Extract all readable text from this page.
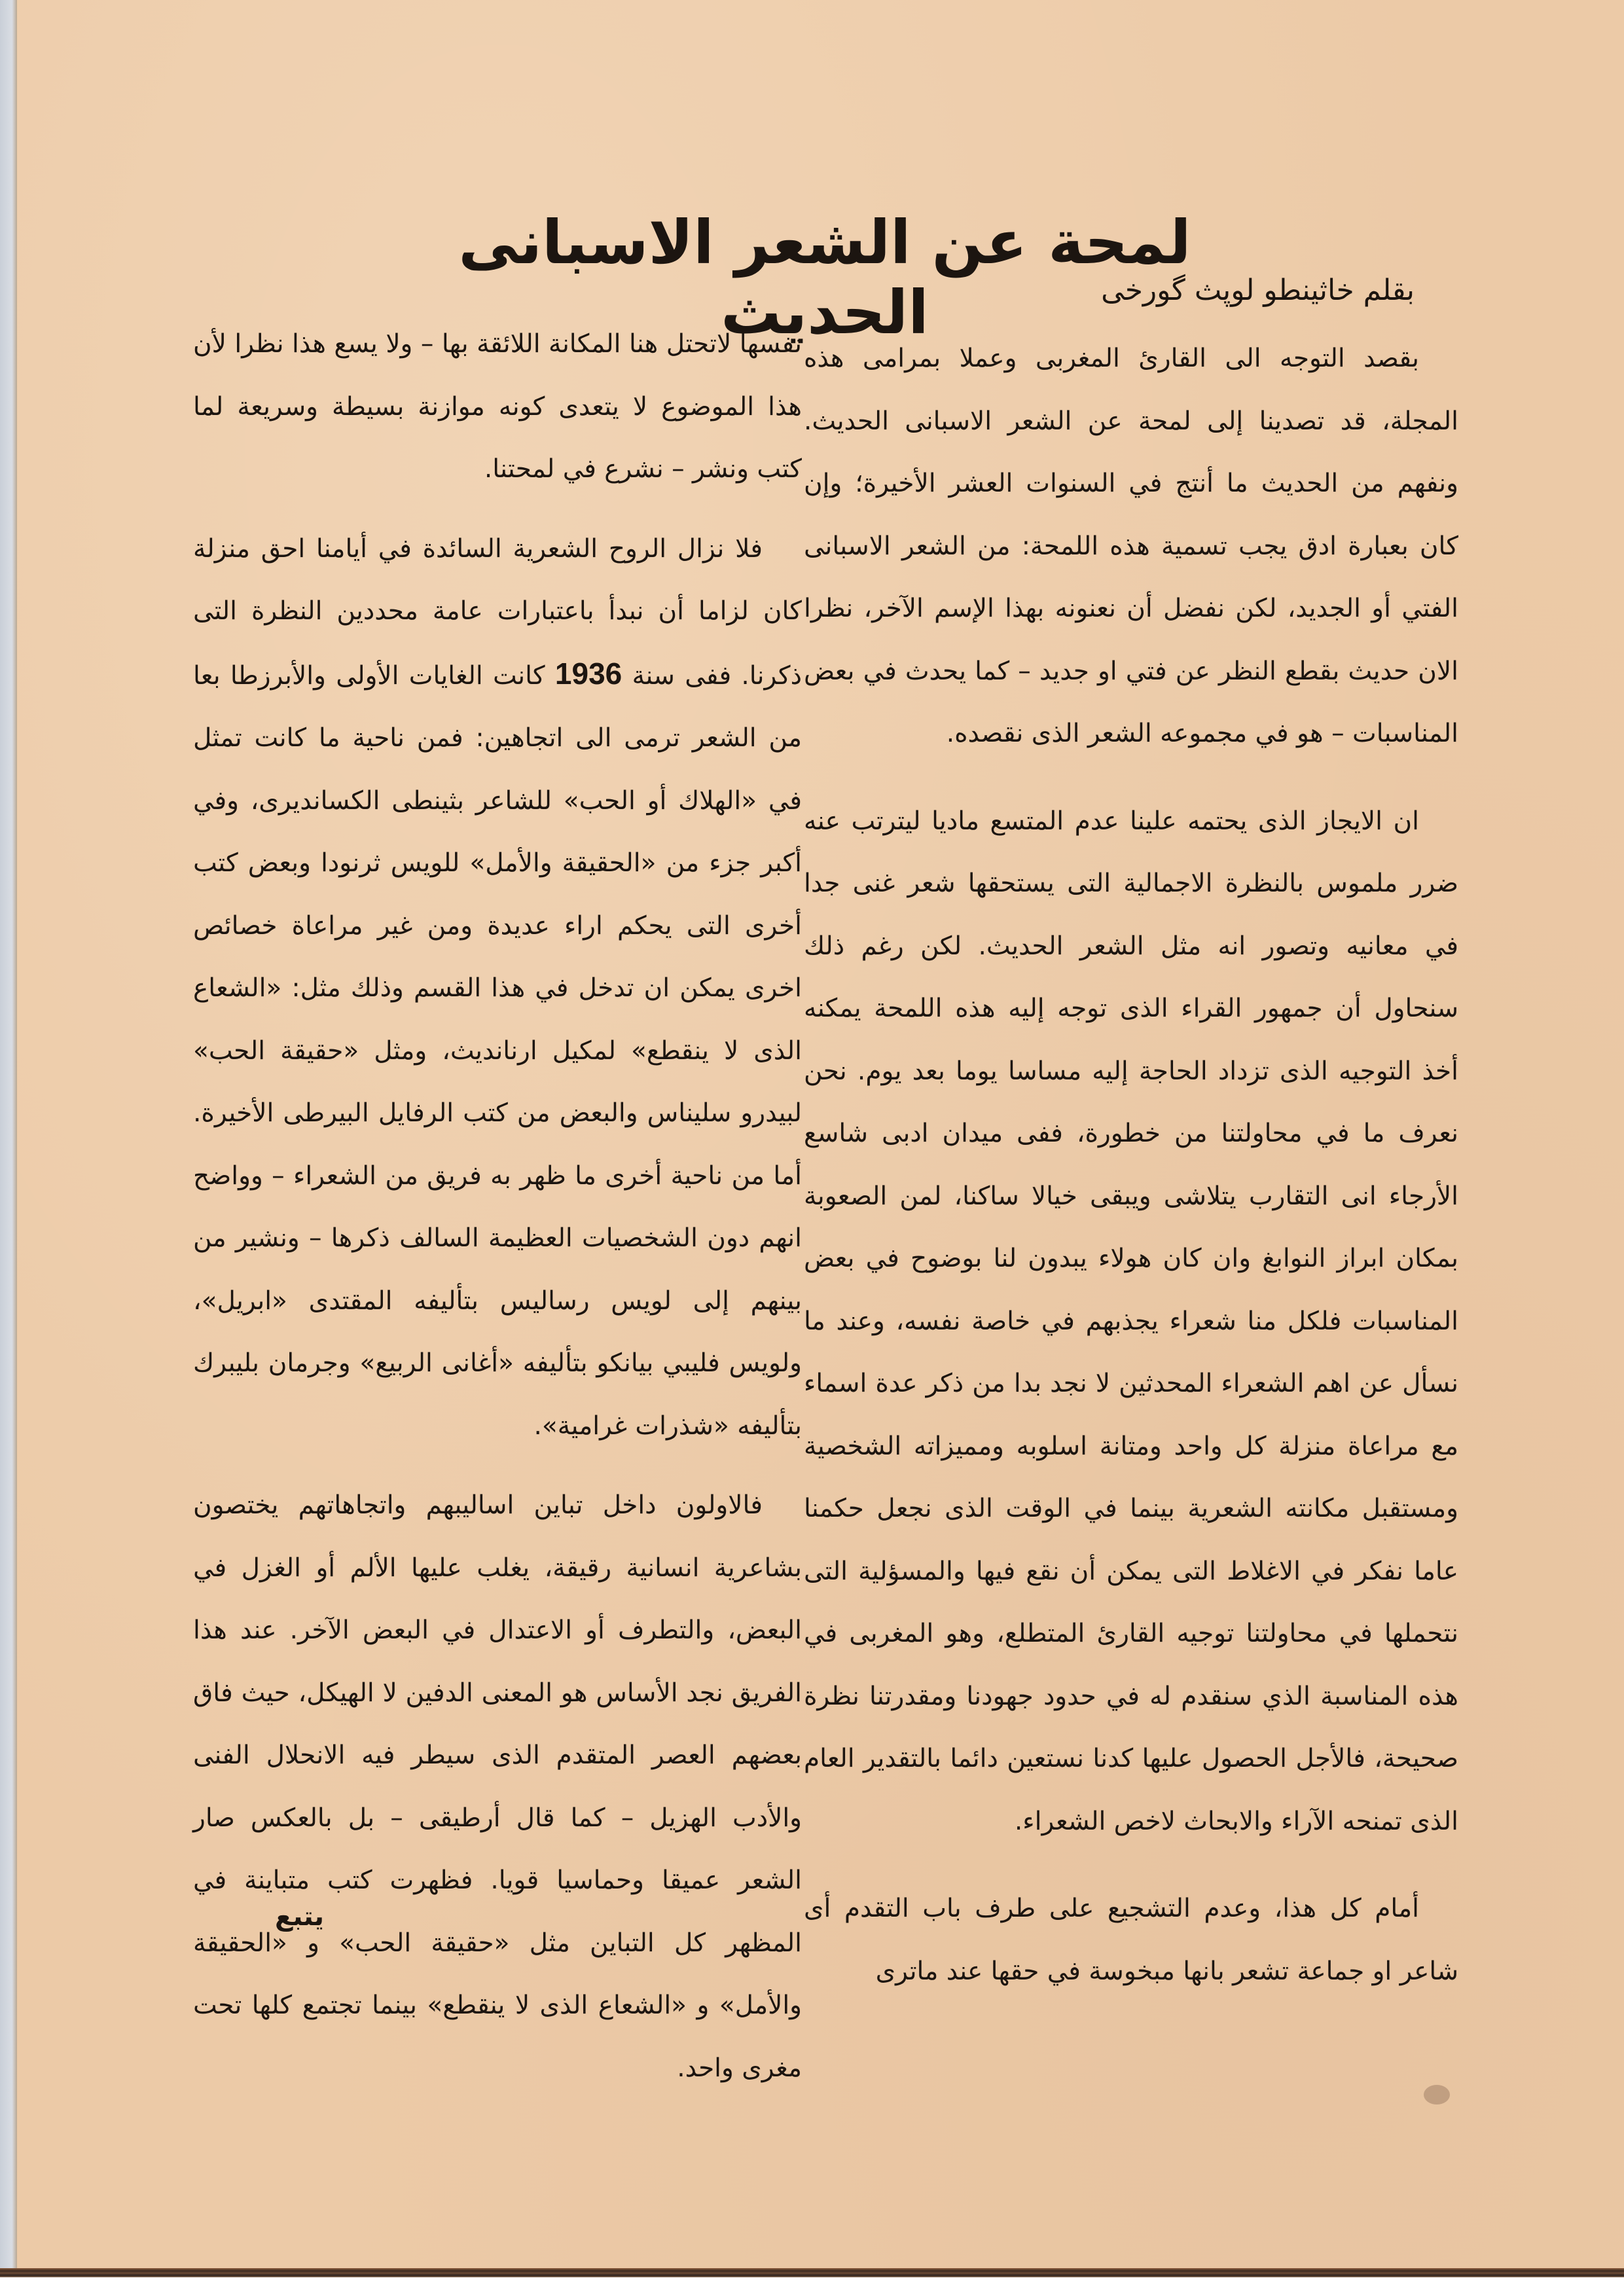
لمحة عن الشعر الاسبانى الحديث	بقلم خاثينطو لوپث گورخى

بقصد التوجه الى القارئ المغربى وعملا بمرامى هذه المجلة، قد تصدينا إلى لمحة عن الشعر الاسبانى الحديث. ونفهم من الحديث ما أنتج في السنوات العشر الأخيرة؛ وإن كان بعبارة ادق يجب تسمية هذه اللمحة: من الشعر الاسبانى الفتي أو الجديد، لكن نفضل أن نعنونه بهذا الإسم الآخر، نظرا الان حديث بقطع النظر عن فتي او جديد – كما يحدث في بعض المناسبات – هو في مجموعه الشعر الذى نقصده.

ان الايجاز الذى يحتمه علينا عدم المتسع ماديا ليترتب عنه ضرر ملموس بالنظرة الاجمالية التى يستحقها شعر غنى جدا في معانيه وتصور انه مثل الشعر الحديث. لكن رغم ذلك سنحاول أن جمهور القراء الذى توجه إليه هذه اللمحة يمكنه أخذ التوجيه الذى تزداد الحاجة إليه مساسا يوما بعد يوم. نحن نعرف ما في محاولتنا من خطورة، ففى ميدان ادبى شاسع الأرجاء انى التقارب يتلاشى ويبقى خيالا ساكنا، لمن الصعوبة بمكان ابراز النوابغ وان كان هولاء يبدون لنا بوضوح في بعض المناسبات فلكل منا شعراء يجذبهم في خاصة نفسه، وعند ما نسأل عن اهم الشعراء المحدثين لا نجد بدا من ذكر عدة اسماء مع مراعاة منزلة كل واحد ومتانة اسلوبه ومميزاته الشخصية ومستقبل مكانته الشعرية بينما في الوقت الذى نجعل حكمنا عاما نفكر في الاغلاط التى يمكن أن نقع فيها والمسؤلية التى نتحملها في محاولتنا توجيه القارئ المتطلع، وهو المغربى في هذه المناسبة الذي سنقدم له في حدود جهودنا ومقدرتنا نظرة صحيحة، فالأجل الحصول عليها كدنا نستعين دائما بالتقدير العام الذى تمنحه الآراء والابحاث لاخص الشعراء.

أمام كل هذا، وعدم التشجيع على طرف باب التقدم أى شاعر او جماعة تشعر بانها مبخوسة في حقها عند ماترى

نفسها لاتحتل هنا المكانة اللائقة بها – ولا يسع هذا نظرا لأن هذا الموضوع لا يتعدى كونه موازنة بسيطة وسريعة لما كتب ونشر – نشرع في لمحتنا.

فلا نزال الروح الشعرية السائدة في أيامنا احق منزلة كان لزاما أن نبدأ باعتبارات عامة محددين النظرة التى ذكرنا. ففى سنة 1936 كانت الغايات الأولى والأبرزطا بعا من الشعر ترمى الى اتجاهين: فمن ناحية ما كانت تمثل في «الهلاك أو الحب» للشاعر بثينطى الكسانديرى، وفي أكبر جزء من «الحقيقة والأمل» للويس ثرنودا وبعض كتب أخرى التى يحكم اراء عديدة ومن غير مراعاة خصائص اخرى يمكن ان تدخل في هذا القسم وذلك مثل: «الشعاع الذى لا ينقطع» لمكيل ارناندیث، ومثل «حقيقة الحب» لبيدرو سليناس والبعض من كتب الرفايل البيرطى الأخيرة. أما من ناحية أخرى ما ظهر به فريق من الشعراء – وواضح انهم دون الشخصيات العظيمة السالف ذكرها – ونشير من بينهم إلى لويس رسالیس بتأليفه المقتدى «ابريل»، ولويس فليبي بيانكو بتأليفه «أغانى الربيع» وجرمان بليبرك بتأليفه «شذرات غرامية».

فالاولون داخل تباين اساليبهم واتجاهاتهم يختصون بشاعرية انسانية رقيقة، يغلب عليها الألم أو الغزل في البعض، والتطرف أو الاعتدال في البعض الآخر. عند هذا الفريق نجد الأساس هو المعنى الدفين لا الهيكل، حيث فاق بعضهم العصر المتقدم الذى سيطر فيه الانحلال الفنى والأدب الهزيل – كما قال أرطيقى – بل بالعكس صار الشعر عميقا وحماسيا قويا. فظهرت كتب متباينة في المظهر كل التباين مثل «حقيقة الحب» و «الحقيقة والأمل» و «الشعاع الذى لا ينقطع» بينما تجتمع كلها تحت مغرى واحد.

يتبع
